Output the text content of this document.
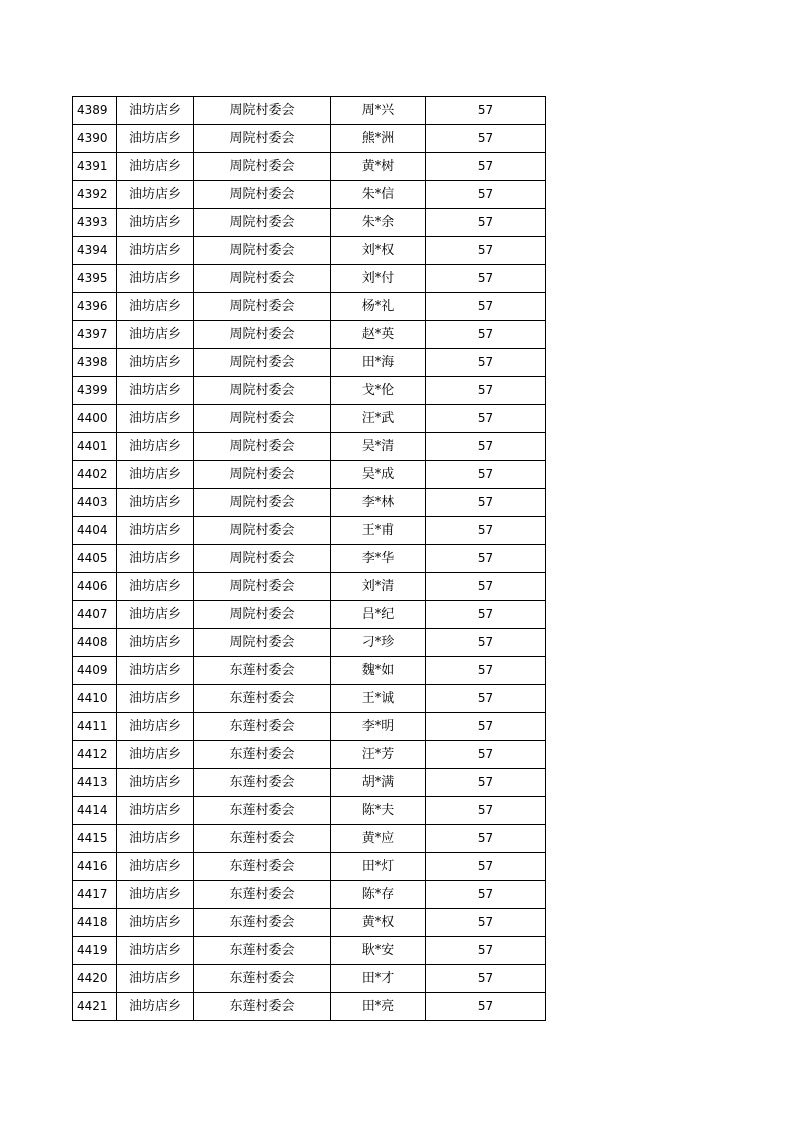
4389	油坊店乡	周院村委会	周*兴	57
4390	油坊店乡	周院村委会	熊*洲	57
4391	油坊店乡	周院村委会	黄*树	57
4392	油坊店乡	周院村委会	朱*信	57
4393	油坊店乡	周院村委会	朱*余	57
4394	油坊店乡	周院村委会	刘*权	57
4395	油坊店乡	周院村委会	刘*付	57
4396	油坊店乡	周院村委会	杨*礼	57
4397	油坊店乡	周院村委会	赵*英	57
4398	油坊店乡	周院村委会	田*海	57
4399	油坊店乡	周院村委会	戈*伦	57
4400	油坊店乡	周院村委会	汪*武	57
4401	油坊店乡	周院村委会	吴*清	57
4402	油坊店乡	周院村委会	吴*成	57
4403	油坊店乡	周院村委会	李*林	57
4404	油坊店乡	周院村委会	王*甫	57
4405	油坊店乡	周院村委会	李*华	57
4406	油坊店乡	周院村委会	刘*清	57
4407	油坊店乡	周院村委会	吕*纪	57
4408	油坊店乡	周院村委会	刁*珍	57
4409	油坊店乡	东莲村委会	魏*如	57
4410	油坊店乡	东莲村委会	王*诚	57
4411	油坊店乡	东莲村委会	李*明	57
4412	油坊店乡	东莲村委会	汪*芳	57
4413	油坊店乡	东莲村委会	胡*满	57
4414	油坊店乡	东莲村委会	陈*夫	57
4415	油坊店乡	东莲村委会	黄*应	57
4416	油坊店乡	东莲村委会	田*灯	57
4417	油坊店乡	东莲村委会	陈*存	57
4418	油坊店乡	东莲村委会	黄*权	57
4419	油坊店乡	东莲村委会	耿*安	57
4420	油坊店乡	东莲村委会	田*才	57
4421	油坊店乡	东莲村委会	田*亮	57
